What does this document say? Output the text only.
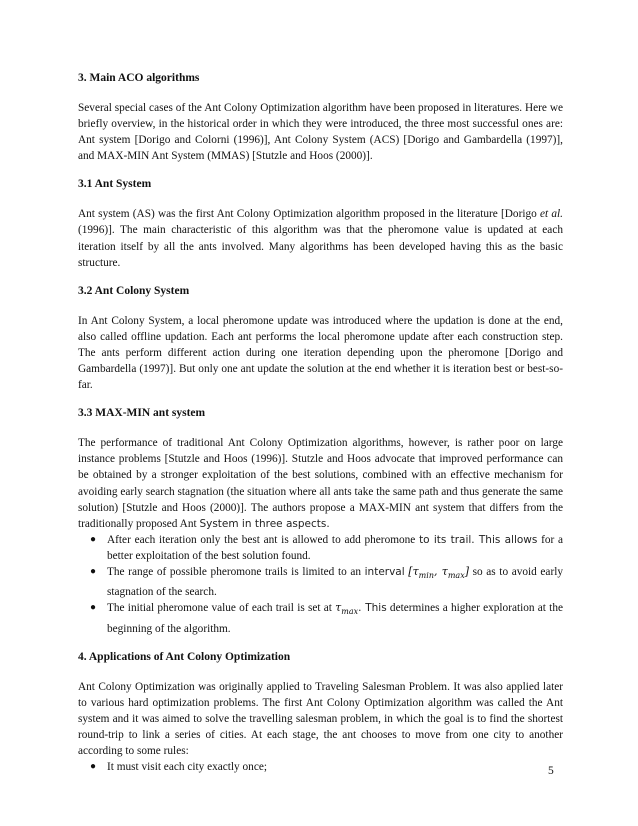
3. Main ACO algorithms

Several special cases of the Ant Colony Optimization algorithm have been proposed in literatures. Here we briefly overview, in the historical order in which they were introduced, the three most successful ones are: Ant system [Dorigo and Colorni (1996)], Ant Colony System (ACS) [Dorigo and Gambardella (1997)], and MAX-MIN Ant System (MMAS) [Stutzle and Hoos (2000)].

3.1 Ant System

Ant system (AS) was the first Ant Colony Optimization algorithm proposed in the literature [Dorigo et al. (1996)]. The main characteristic of this algorithm was that the pheromone value is updated at each iteration itself by all the ants involved. Many algorithms has been developed having this as the basic structure.

3.2 Ant Colony System

In Ant Colony System, a local pheromone update was introduced where the updation is done at the end, also called offline updation. Each ant performs the local pheromone update after each construction step. The ants perform different action during one iteration depending upon the pheromone [Dorigo and Gambardella (1997)]. But only one ant update the solution at the end whether it is iteration best or best-so-far.

3.3 MAX-MIN ant system

The performance of traditional Ant Colony Optimization algorithms, however, is rather poor on large instance problems [Stutzle and Hoos (1996)]. Stutzle and Hoos advocate that improved performance can be obtained by a stronger exploitation of the best solutions, combined with an effective mechanism for avoiding early search stagnation (the situation where all ants take the same path and thus generate the same solution) [Stutzle and Hoos (2000)]. The authors propose a MAX-MIN ant system that differs from the traditionally proposed Ant System in three aspects.

● After each iteration only the best ant is allowed to add pheromone to its trail. This allows for a better exploitation of the best solution found.
● The range of possible pheromone trails is limited to an interval [$\tau_{min}$, $\tau_{max}$] so as to avoid early stagnation of the search.
● The initial pheromone value of each trail is set at $\tau_{max}$. This determines a higher exploration at the beginning of the algorithm.
4. Applications of Ant Colony Optimization

Ant Colony Optimization was originally applied to Traveling Salesman Problem. It was also applied later to various hard optimization problems. The first Ant Colony Optimization algorithm was called the Ant system and it was aimed to solve the travelling salesman problem, in which the goal is to find the shortest round-trip to link a series of cities. At each stage, the ant chooses to move from one city to another according to some rules:

● It must visit each city exactly once;	5
